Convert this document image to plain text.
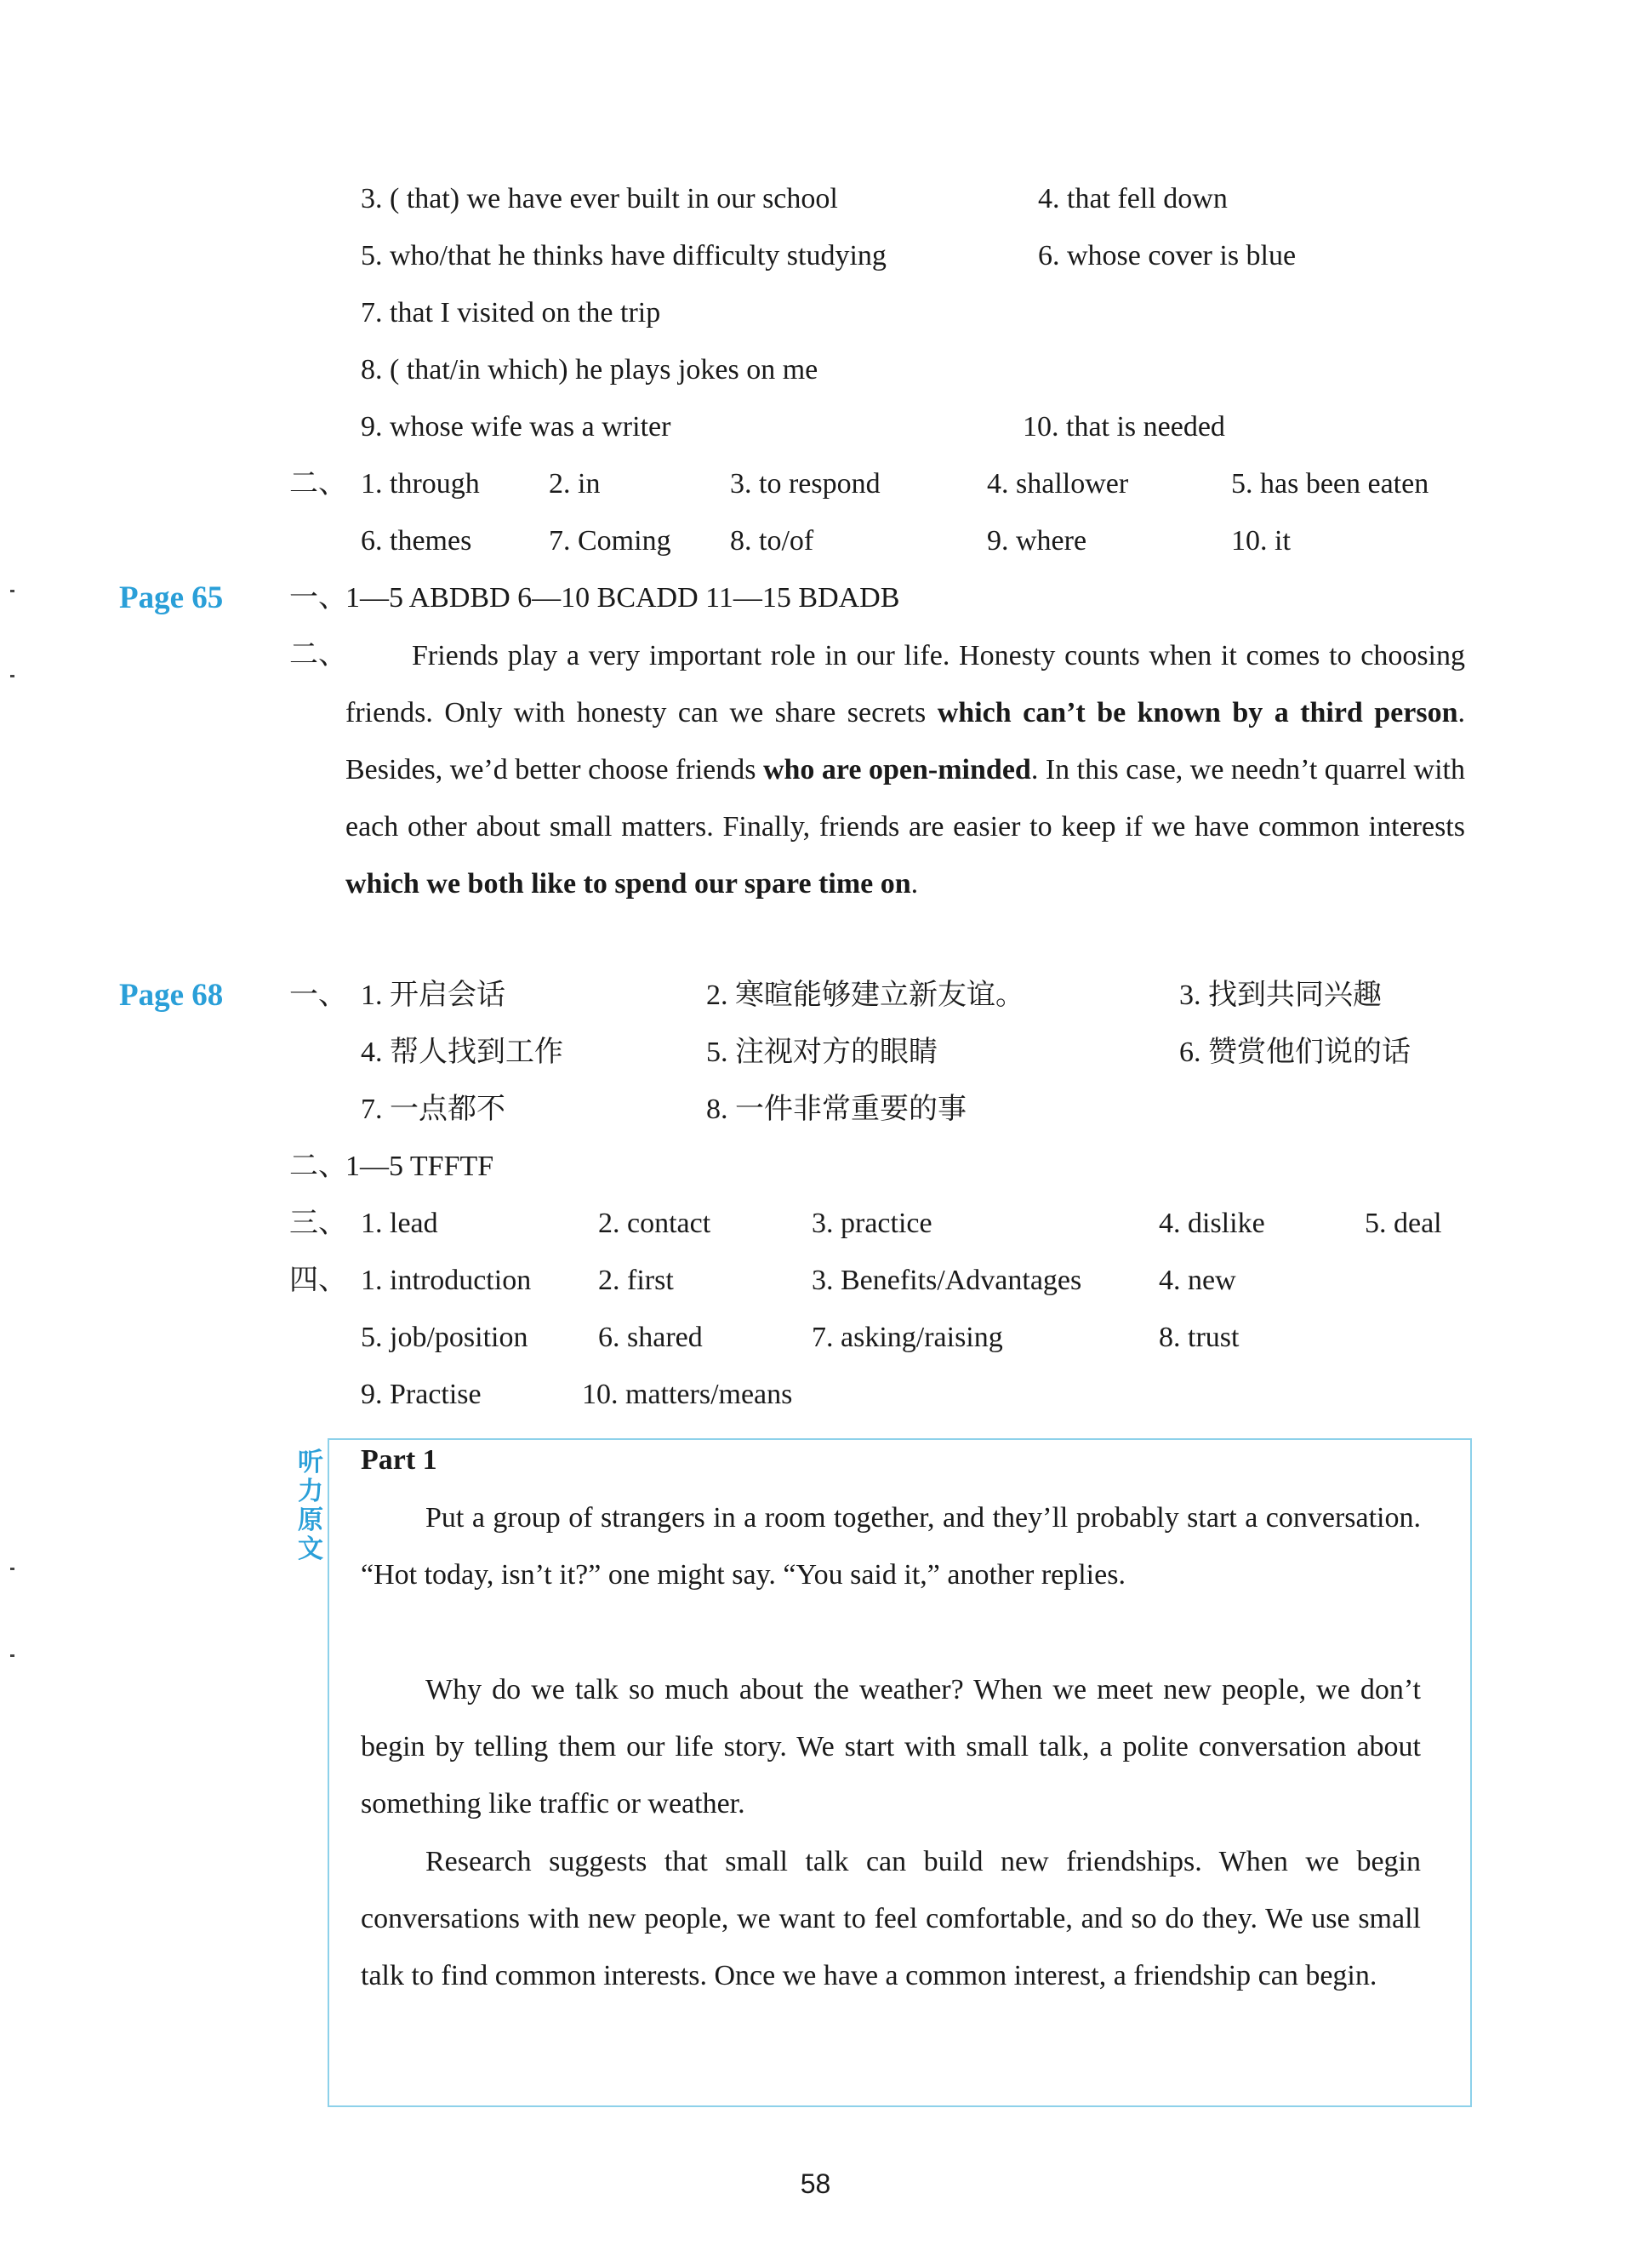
3. ( that) we have ever built in our school	4. that fell down
5. who/that he thinks have difficulty studying	6. whose cover is blue
7. that I visited on the trip
8. ( that/in which) he plays jokes on me
9. whose wife was a writer	10. that is needed
二、 1. through 2. in	3. to respond	4. shallower	5. has been eaten
6. themes	7. Coming 8. to/of	9. where	10. it
Page 65 一、
1—5 ABDBD 6—10 BCADD 11—15 BDADB
二、	Friends play a very important role in our life. Honesty counts when it comes to choosing friends. Only with honesty can we share secrets which can’t be known by a third person. Besides, we’d better choose friends who are open-minded. In this case, we needn’t quarrel with each other about small matters. Finally, friends are easier to keep if we have common interests which we both like to spend our spare time on.
Page 68 一、 1. 开启会话	2. 寒暄能够建立新友谊。	3. 找到共同兴趣
4. 帮人找到工作	5. 注视对方的眼睛	6. 赞赏他们说的话
7. 一点都不	8. 一件非常重要的事
二、
1—5 TFFTF
三、 1. lead	2. contact	3. practice	4. dislike	5. deal
四、 1. introduction 2. first	3. Benefits/Advantages	4. new
5. job/position 6. shared	7. asking/raising	8. trust
9. Practise	10. matters/means
听
力
原
文
Part 1
Put a group of strangers in a room together, and they’ll probably start a conversation. “Hot today, isn’t it?” one might say. “You said it,” another replies.
Why do we talk so much about the weather? When we meet new people, we don’t begin by telling them our life story. We start with small talk, a polite conversation about something like traffic or weather.
Research suggests that small talk can build new friendships. When we begin conversations with new people, we want to feel comfortable, and so do they. We use small talk to find common interests. Once we have a common interest, a friendship can begin.
58
